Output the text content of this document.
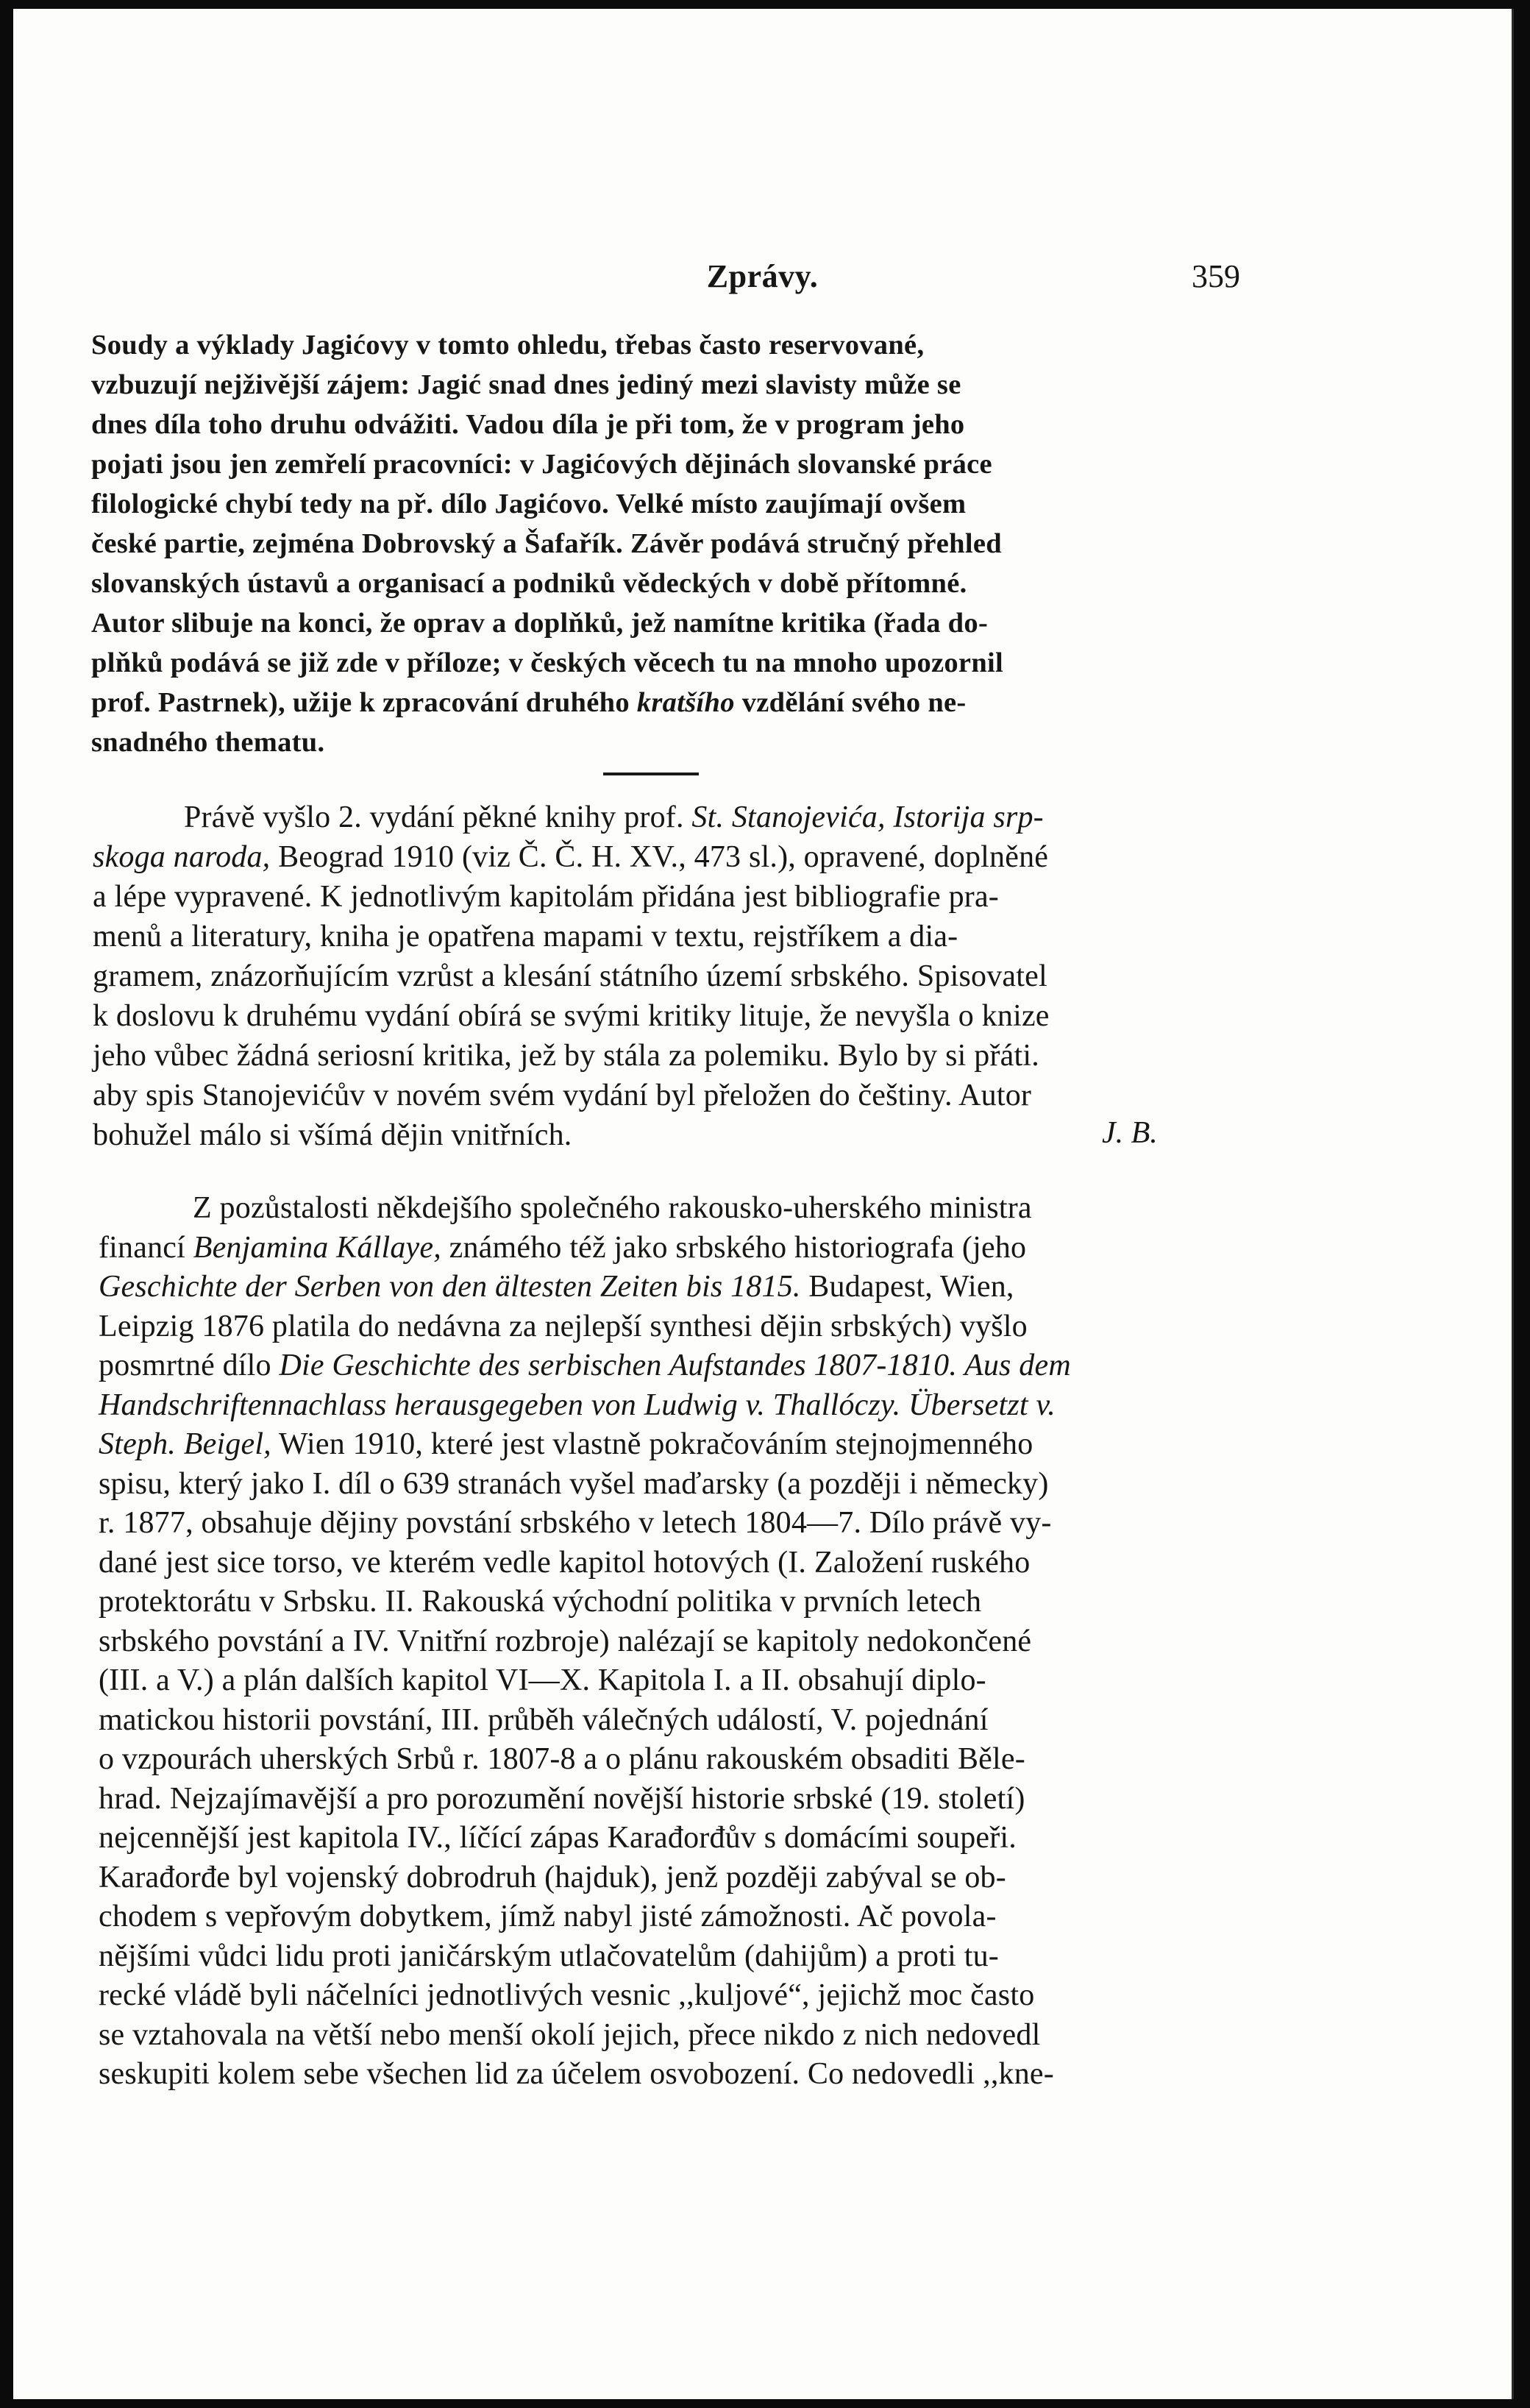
Zprávy.	359
Soudy a výklady Jagićovy v tomto ohledu, třebas často reservované,
vzbuzují nejživější zájem: Jagić snad dnes jediný mezi slavisty může se
dnes díla toho druhu odvážiti. Vadou díla je při tom, že v program jeho
pojati jsou jen zemřelí pracovníci: v Jagićových dějinách slovanské práce
filologické chybí tedy na př. dílo Jagićovo. Velké místo zaujímají ovšem
české partie, zejména Dobrovský a Šafařík. Závěr podává stručný přehled
slovanských ústavů a organisací a podniků vědeckých v době přítomné.
Autor slibuje na konci, že oprav a doplňků, jež namítne kritika (řada do-
plňků podává se již zde v příloze; v českých věcech tu na mnoho upozornil
prof. Pastrnek), užije k zpracování druhého kratšího vzdělání svého ne-
snadného thematu.
Právě vyšlo 2. vydání pěkné knihy prof. St. Stanojevića, Istorija srp-
skoga naroda, Beograd 1910 (viz Č. Č. H. XV., 473 sl.), opravené, doplněné
a lépe vypravené. K jednotlivým kapitolám přidána jest bibliografie pra-
menů a literatury, kniha je opatřena mapami v textu, rejstříkem a dia-
gramem, znázorňujícím vzrůst a klesání státního území srbského. Spisovatel
k doslovu k druhému vydání obírá se svými kritiky lituje, že nevyšla o knize
jeho vůbec žádná seriosní kritika, jež by stála za polemiku. Bylo by si přáti.
aby spis Stanojevićův v novém svém vydání byl přeložen do češtiny. Autor
bohužel málo si všímá dějin vnitřních.	J. B.
Z pozůstalosti někdejšího společného rakousko-uherského ministra
financí Benjamina Kállaye, známého též jako srbského historiografa (jeho
Geschichte der Serben von den ältesten Zeiten bis 1815. Budapest, Wien,
Leipzig 1876 platila do nedávna za nejlepší synthesi dějin srbských) vyšlo
posmrtné dílo Die Geschichte des serbischen Aufstandes 1807-1810. Aus dem
Handschriftennachlass herausgegeben von Ludwig v. Thallóczy. Übersetzt v.
Steph. Beigel, Wien 1910, které jest vlastně pokračováním stejnojmenného
spisu, který jako I. díl o 639 stranách vyšel maďarsky (a později i německy)
r. 1877, obsahuje dějiny povstání srbského v letech 1804—7. Dílo právě vy-
dané jest sice torso, ve kterém vedle kapitol hotových (I. Založení ruského
protektorátu v Srbsku. II. Rakouská východní politika v prvních letech
srbského povstání a IV. Vnitřní rozbroje) nalézají se kapitoly nedokončené
(III. a V.) a plán dalších kapitol VI—X. Kapitola I. a II. obsahují diplo-
matickou historii povstání, III. průběh válečných událostí, V. pojednání
o vzpourách uherských Srbů r. 1807-8 a o plánu rakouském obsaditi Běle-
hrad. Nejzajímavější a pro porozumění novější historie srbské (19. století)
nejcennější jest kapitola IV., líčící zápas Karađorđův s domácími soupeři.
Karađorđe byl vojenský dobrodruh (hajduk), jenž později zabýval se ob-
chodem s vepřovým dobytkem, jímž nabyl jisté zámožnosti. Ač povola-
nějšími vůdci lidu proti janičárským utlačovatelům (dahijům) a proti tu-
recké vládě byli náčelníci jednotlivých vesnic ,,kuljové“, jejichž moc často
se vztahovala na větší nebo menší okolí jejich, přece nikdo z nich nedovedl
seskupiti kolem sebe všechen lid za účelem osvobození. Co nedovedli ,,kne-
